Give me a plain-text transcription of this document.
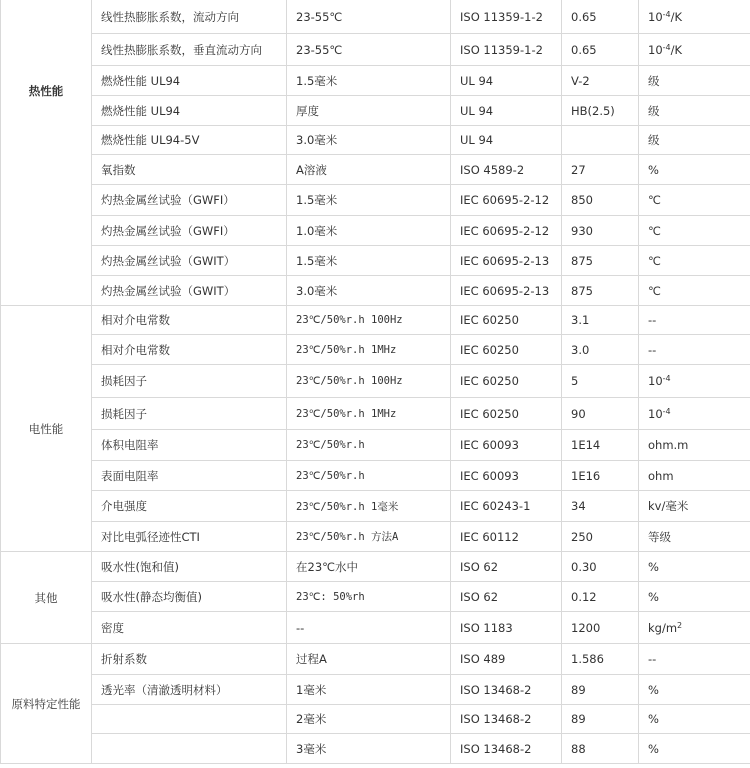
热性能	线性热膨胀系数，流动方向	23-55℃	ISO 11359-1-2	0.65	$10^{-4}/K$
	线性热膨胀系数，垂直流动方向	23-55℃	ISO 11359-1-2	0.65	$10^{-4}/K$
	燃烧性能 UL94	1.5毫米	UL 94	V-2	级
	燃烧性能 UL94	厚度	UL 94	HB(2.5)	级
	燃烧性能 UL94-5V	3.0毫米	UL 94		级
	氧指数	A溶液	ISO 4589-2	27	%
	灼热金属丝试验（GWFI）	1.5毫米	IEC 60695-2-12	850	℃
	灼热金属丝试验（GWFI）	1.0毫米	IEC 60695-2-12	930	℃
	灼热金属丝试验（GWIT）	1.5毫米	IEC 60695-2-13	875	℃
	灼热金属丝试验（GWIT）	3.0毫米	IEC 60695-2-13	875	℃
电性能	相对介电常数	23℃/50%r.h 100Hz	IEC 60250	3.1	--
	相对介电常数	23℃/50%r.h 1MHz	IEC 60250	3.0	--
	损耗因子	23℃/50%r.h 100Hz	IEC 60250	5	$10^{-4}$
	损耗因子	23℃/50%r.h 1MHz	IEC 60250	90	$10^{-4}$
	体积电阻率	23℃/50%r.h	IEC 60093	1E14	ohm.m
	表面电阻率	23℃/50%r.h	IEC 60093	1E16	ohm
	介电强度	23℃/50%r.h 1毫米	IEC 60243-1	34	kv/毫米
	对比电弧径迹性CTI	23℃/50%r.h 方法A	IEC 60112	250	等级
其他	吸水性(饱和值)	在23℃水中	ISO 62	0.30	%
	吸水性(静态均衡值)	23℃: 50%rh	ISO 62	0.12	%
	密度	--	ISO 1183	1200	$kg/m^2$
原料特定性能	折射系数	过程A	ISO 489	1.586	--
	透光率（清澈透明材料）	1毫米	ISO 13468-2	89	%
		2毫米	ISO 13468-2	89	%
		3毫米	ISO 13468-2	88	%
